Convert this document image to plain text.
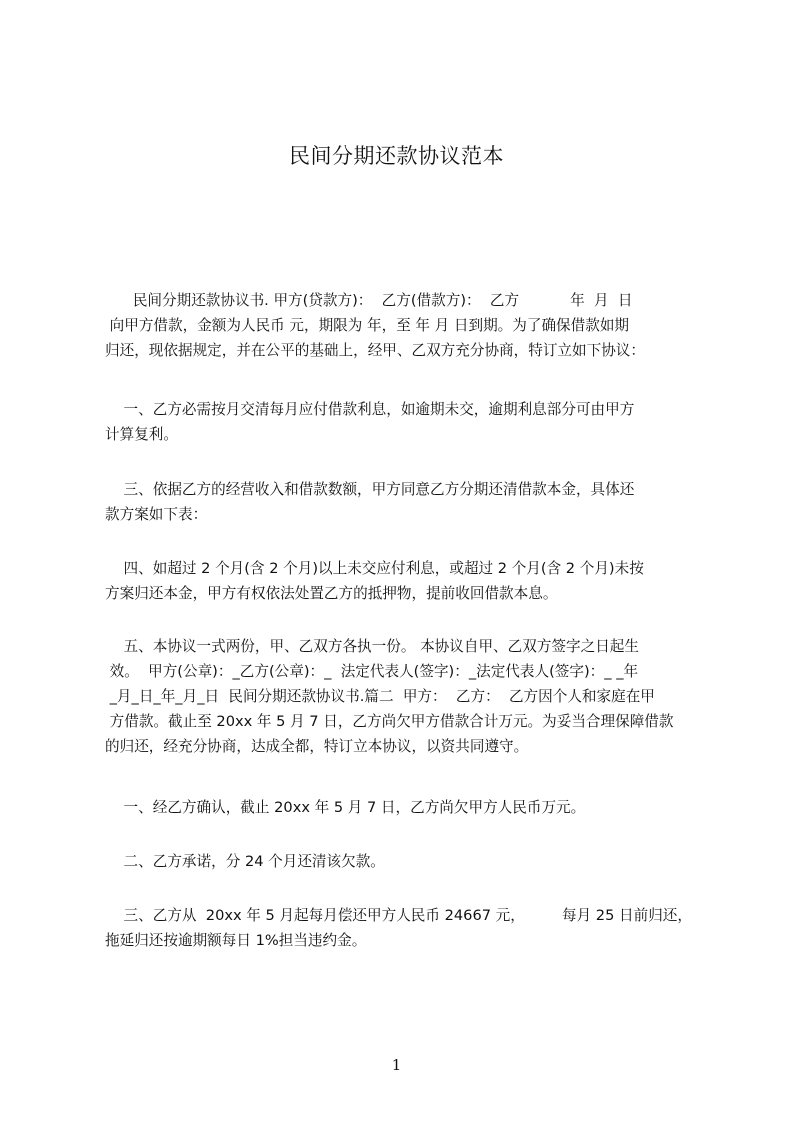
民间分期还款协议范本
民间分期还款协议书. 甲方(贷款方)：  乙方(借款方)：  乙方           年  月  日
向甲方借款，金额为人民币 元，期限为 年，至 年 月 日到期。为了确保借款如期
归还，现依据规定，并在公平的基础上，经甲、乙双方充分协商，特订立如下协议：
一、乙方必需按月交清每月应付借款利息，如逾期未交，逾期利息部分可由甲方
计算复利。
三、依据乙方的经营收入和借款数额，甲方同意乙方分期还清借款本金，具体还
款方案如下表：
四、如超过 2 个月(含 2 个月)以上未交应付利息，或超过 2 个月(含 2 个月)未按
方案归还本金，甲方有权依法处置乙方的抵押物，提前收回借款本息。
五、本协议一式两份，甲、乙双方各执一份。 本协议自甲、乙双方签字之日起生
效。  甲方(公章)：_乙方(公章)：_  法定代表人(签字)：_法定代表人(签字)：_ _年
_月_日_年_月_日  民间分期还款协议书.篇二  甲方：  乙方：  乙方因个人和家庭在甲
方借款。截止至 20xx 年 5 月 7 日，乙方尚欠甲方借款合计万元。为妥当合理保障借款
的归还，经充分协商，达成全都，特订立本协议，以资共同遵守。
一、经乙方确认，截止 20xx 年 5 月 7 日，乙方尚欠甲方人民币万元。
二、乙方承诺，分 24 个月还清该欠款。
三、乙方从  20xx 年 5 月起每月偿还甲方人民币 24667 元，        每月 25 日前归还，
拖延归还按逾期额每日 1%担当违约金。
1
